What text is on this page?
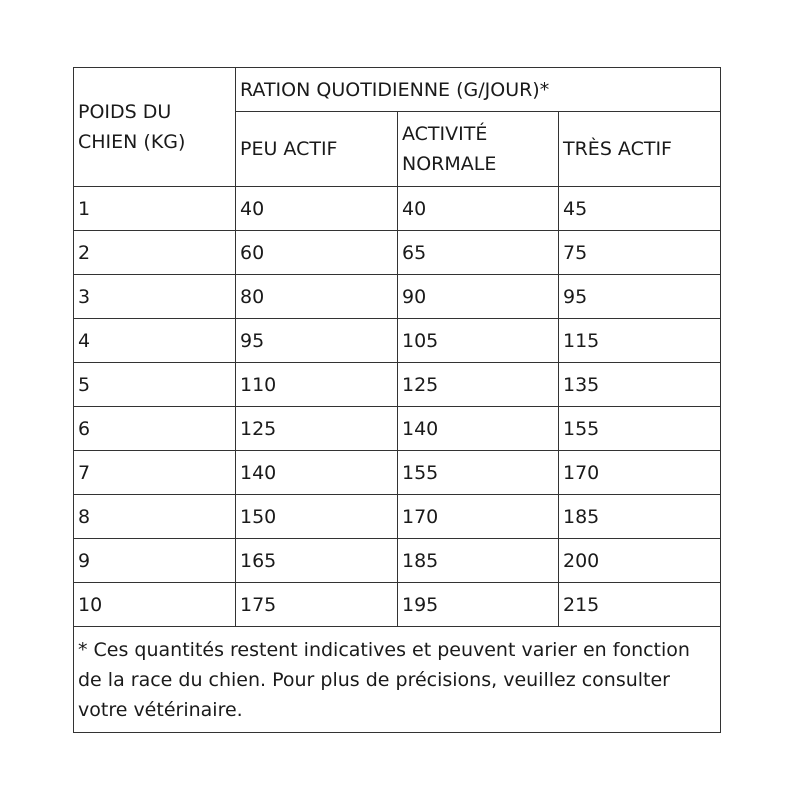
POIDS DU CHIEN (KG)	RATION QUOTIDIENNE (G/JOUR)*		
	PEU ACTIF	ACTIVITÉ NORMALE	TRÈS ACTIF
1	40	40	45
2	60	65	75
3	80	90	95
4	95	105	115
5	110	125	135
6	125	140	155
7	140	155	170
8	150	170	185
9	165	185	200
10	175	195	215
* Ces quantités restent indicatives et peuvent varier en fonction de la race du chien. Pour plus de précisions, veuillez consulter votre vétérinaire.			
